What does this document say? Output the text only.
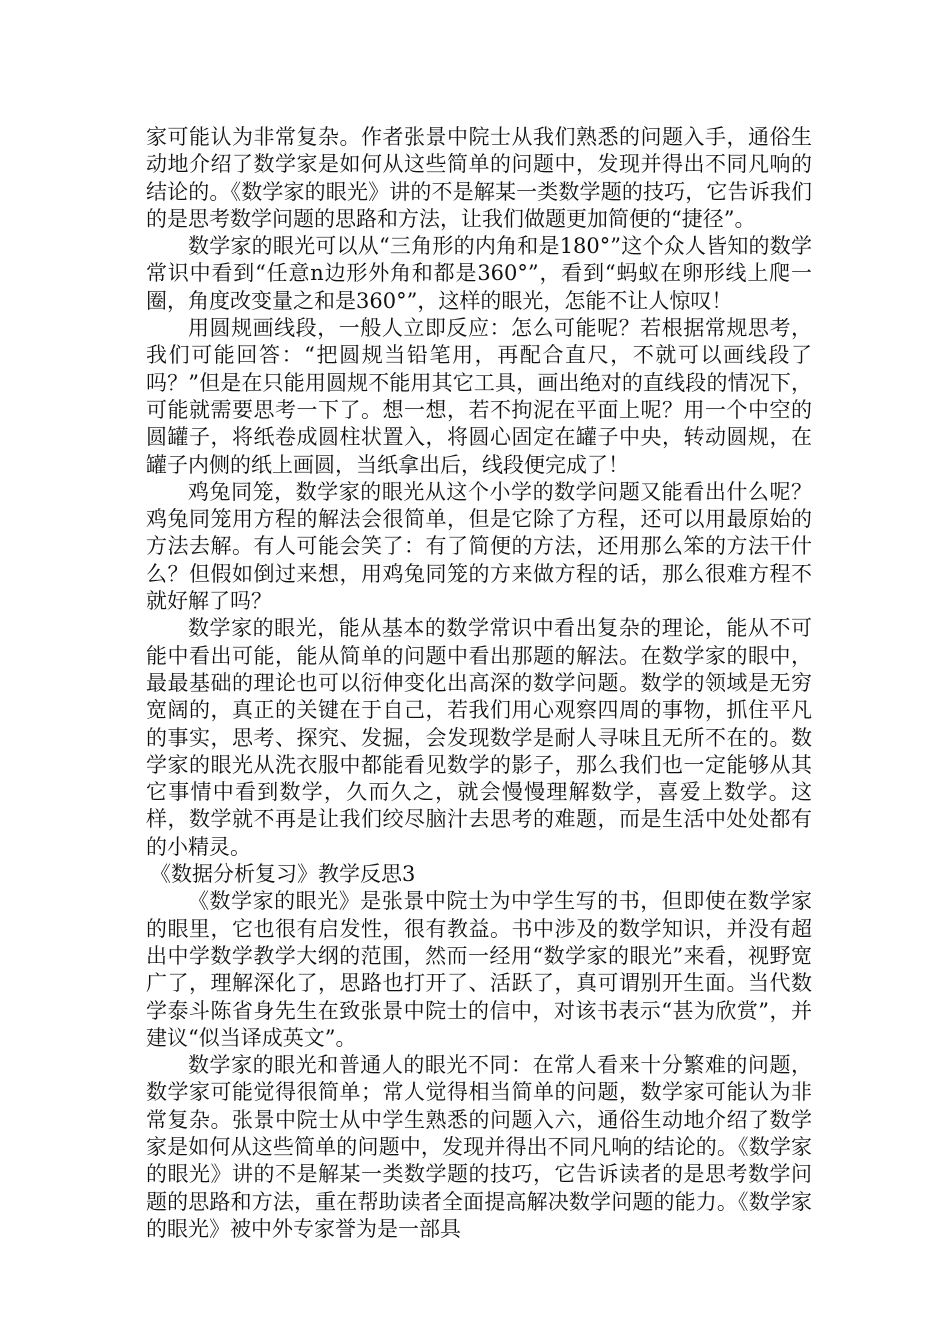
家可能认为非常复杂。作者张景中院士从我们熟悉的问题入手，通俗生动地介绍了数学家是如何从这些简单的问题中，发现并得出不同凡响的结论的。《数学家的眼光》讲的不是解某一类数学题的技巧，它告诉我们的是思考数学问题的思路和方法，让我们做题更加简便的“捷径”。

数学家的眼光可以从“三角形的内角和是180°”这个众人皆知的数学常识中看到“任意n边形外角和都是360°”，看到“蚂蚁在卵形线上爬一圈，角度改变量之和是360°”，这样的眼光，怎能不让人惊叹！

用圆规画线段，一般人立即反应：怎么可能呢？若根据常规思考，我们可能回答：“把圆规当铅笔用，再配合直尺，不就可以画线段了吗？”但是在只能用圆规不能用其它工具，画出绝对的直线段的情况下，可能就需要思考一下了。想一想，若不拘泥在平面上呢？用一个中空的圆罐子，将纸卷成圆柱状置入，将圆心固定在罐子中央，转动圆规，在罐子内侧的纸上画圆，当纸拿出后，线段便完成了！

鸡兔同笼，数学家的眼光从这个小学的数学问题又能看出什么呢？鸡兔同笼用方程的解法会很简单，但是它除了方程，还可以用最原始的方法去解。有人可能会笑了：有了简便的方法，还用那么笨的方法干什么？但假如倒过来想，用鸡兔同笼的方来做方程的话，那么很难方程不就好解了吗？

数学家的眼光，能从基本的数学常识中看出复杂的理论，能从不可能中看出可能，能从简单的问题中看出那题的解法。在数学家的眼中，最最基础的理论也可以衍伸变化出高深的数学问题。数学的领域是无穷宽阔的，真正的关键在于自己，若我们用心观察四周的事物，抓住平凡的事实，思考、探究、发掘，会发现数学是耐人寻味且无所不在的。数学家的眼光从洗衣服中都能看见数学的影子，那么我们也一定能够从其它事情中看到数学，久而久之，就会慢慢理解数学，喜爱上数学。这样，数学就不再是让我们绞尽脑汁去思考的难题，而是生活中处处都有的小精灵。

《数据分析复习》教学反思3

《数学家的眼光》是张景中院士为中学生写的书，但即使在数学家的眼里，它也很有启发性，很有教益。书中涉及的数学知识，并没有超出中学数学教学大纲的范围，然而一经用“数学家的眼光”来看，视野宽广了，理解深化了，思路也打开了、活跃了，真可谓别开生面。当代数学泰斗陈省身先生在致张景中院士的信中，对该书表示“甚为欣赏”，并建议“似当译成英文”。

数学家的眼光和普通人的眼光不同：在常人看来十分繁难的问题，数学家可能觉得很简单；常人觉得相当简单的问题，数学家可能认为非常复杂。张景中院士从中学生熟悉的问题入六，通俗生动地介绍了数学家是如何从这些简单的问题中，发现并得出不同凡响的结论的。《数学家的眼光》讲的不是解某一类数学题的技巧，它告诉读者的是思考数学问题的思路和方法，重在帮助读者全面提高解决数学问题的能力。《数学家的眼光》被中外专家誉为是一部具
